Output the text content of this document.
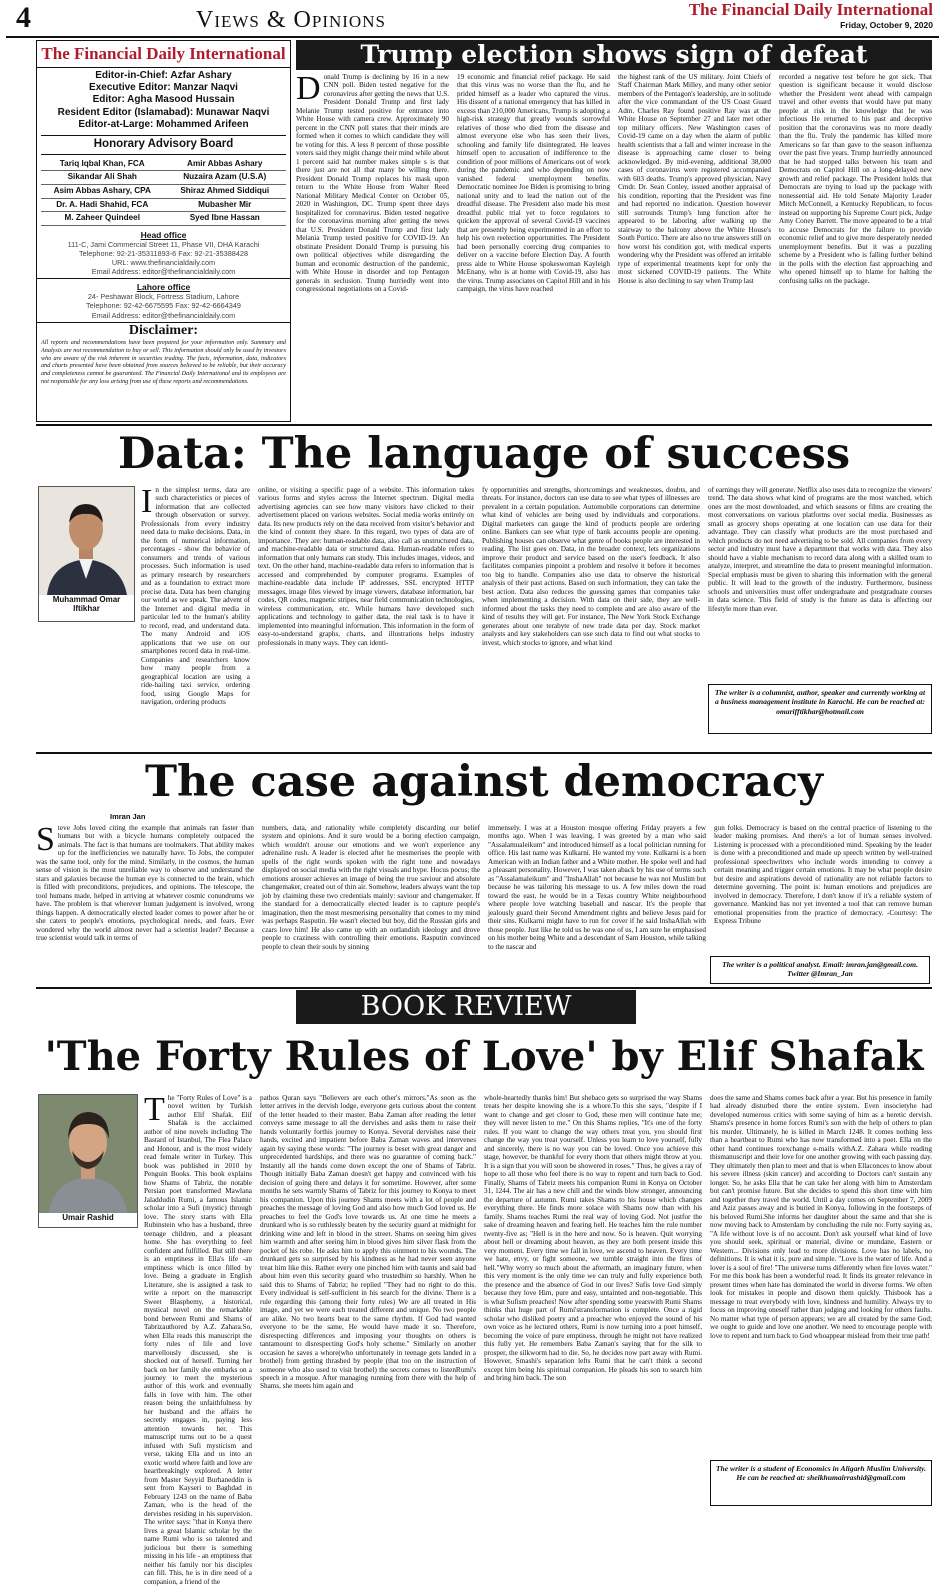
4	Views & Opinions	The Financial Daily International
Friday, October 9, 2020
The Financial Daily International
Editor-in-Chief: Azfar Ashary
Executive Editor: Manzar Naqvi
Editor: Agha Masood Hussain
Resident Editor (Islamabad): Munawar Naqvi
Editor-at-Large: Mohammed Arifeen
Honorary Advisory Board
Tariq Iqbal Khan, FCA	Amir Abbas Ashary
Sikandar Ali Shah	Nuzaira Azam (U.S.A)
Asim Abbas Ashary, CPA	Shiraz Ahmed Siddiqui
Dr. A. Hadi Shahid, FCA	Mubasher Mir
M. Zaheer Quindeel	Syed Ibne Hassan
Head office
111-C, Jami Commercial Street 11, Phase VII, DHA Karachi
Telephone: 92-21-35311893-6 Fax: 92-21-35388428
URL: www.thefinancialdaily.com
Email Address: editor@thefinancialdaily.com
Lahore office
24- Peshawar Block, Fortress Stadium, Lahore
Telephone: 92-42-6675595 Fax: 92-42-6664349
Email Address: editor@thefinancialdaily.com
Disclaimer:
All reports and recommendations have been prepared for your information only. Summary and Analysis are not recommendation to buy or sell. This information should only be used by investors who are aware of the risk inherent in securities trading. The facts, information, data, indicators and charts presented have been obtained from sources believed to be reliable, but their accuracy and completeness cannot be guaranteed. The Financial Daily International and its employees are not responsible for any loss arising from use of these reports and recommendations.
Trump election shows sign of defeat
Donald Trump is declining by 16 in a new CNN poll. Biden tested negative for the coronavirus after getting the news that U.S. President Donald Trump and first lady Melanie Trump tested positive for entrance into White House with camera crew. Approximately 90 percent in the CNN poll states that their minds are formed when it comes to which candidate they will be voting for this. A less 8 percent of those possible voters said they might change their mind while about 1 percent said hat number makes simple s is that there just are not all that many be willing there. President Donald Trump replaces his mask upon return to the White House from Walter Reed National Military Medical Center on October 05, 2020 in Washington, DC. Trump spent three days hospitalized for coronavirus. Biden tested negative for the coronavirus morning after getting the news that U.S. President Donald Trump and first lady Melania Trump tested positive for COVID-19. An obstinate President Donald Trump is pursuing his own political objectives while disregarding the human and economic destruction of the pandemic, with White House in disorder and top Pentagon generals in seclusion. Trump hurriedly went into congressional negotiations on a Covid-
19 economic and financial relief package. He said that this virus was no worse than the flu, and he prided himself as a leader who captured the virus. His dissent of a national emergency that has killed in excess than 210,000 Americans, Trump is adopting a high-risk strategy that greatly wounds sorrowful relatives of those who died from the disease and almost everyone else who has seen their lives, schooling and family life disintegrated. He leaves himself open to accusation of indifference to the condition of poor millions of Americans out of work during the pandemic and who depending on now vanished federal unemployment benefits. Democratic nominee Joe Biden is promising to bring national unity and to lead the nation out of the dreadful disease. The President also made his most dreadful public trial yet to force regulators to quicken the approval of several Covid-19 vaccines that are presently being experimented in an effort to help his own reelection opportunities. The President had been personally coercing drug companies to deliver on a vaccine before Election Day. A fourth press aide to White House spokeswoman Kayleigh McEnany, who is at home with Covid-19, also has the virus. Trump associates on Capitol Hill and in his campaign, the virus have reached
the highest rank of the US military. Joint Chiefs of Staff Chairman Mark Milley, and many other senior members of the Pentagon's leadership, are in solitude after the vice commandant of the US Coast Guard Adm. Charles Ray found positive Ray was at the White House on September 27 and later met other top military officers. New Washington cases of Covid-19 came on a day when the alarm of public health scientists that a fall and winter increase in the disease is approaching came closer to being acknowledged. By mid-evening, additional 38,000 cases of coronavirus were registered accompanied with 603 deaths. Trump's approved physician, Navy Cmdr. Dr. Sean Conley, issued another appraisal of his condition, reporting that the President was fine and had reported no indication. Question however still surrounds Trump's lung function after he appeared to be laboring after walking up the stairway to the balcony above the White House's South Portico. There are also no true answers still on how worst his condition got, with medical experts wondering why the President was offered an irritable type of experimental treatments kept for only the most sickened COVID-19 patients. The White House is also declining to say when Trump last
recorded a negative test before he got sick. That question is significant because it would disclose whether the President went ahead with campaign travel and other events that would have put many people at risk in the knowledge that he was infectious He returned to his past and deceptive position that the coronavirus was no more deadly than the flu. Truly the pandemic has killed more Americans so far than gave to the season influenza over the past five years. Trump hurriedly announced that he had stopped talks between his team and Democrats on Capitol Hill on a long-delayed new growth and relief package. The President holds that Democrats are trying to load up the package with nonessential aid. He told Senate Majority Leader Mitch McConnell, a Kentucky Republican, to focus instead on supporting his Supreme Court pick, Judge Amy Coney Barrett. The move appeared to be a trial to accuse Democrats for the failure to provide economic relief and to give more desperately needed unemployment benefits. But it was a puzzling scheme by a President who is falling further behind in the polls with the election fast approaching and who opened himself up to blame for halting the confusing talks on the package.
Data: The language of success
Muhammad Omar Iftikhar
In the simplest terms, data are such characteristics or pieces of information that are collected through observation or survey. Professionals from every industry need data to make decisions. Data, in the form of numerical information, percentages - show the behavior of consumers and trends of various processes. Such information is used as primary research by researchers and as a foundation to extract more precise data. Data has been changing our world as we speak. The advent of the Internet and digital media in particular led to the human's ability to record, read, and understand data. The many Android and iOS applications that we use on our smartphones record data in real-time. Companies and researchers know how many people from a geographical location are using a ride-hailing taxi service, ordering food, using Google Maps for navigation, ordering products
online, or visiting a specific page of a website. This information takes various forms and styles across the Internet spectrum. Digital media advertising agencies can see how many visitors have clicked to their advertisement placed on various websites. Social media works entirely on data. Its new products rely on the data received from visitor's behavior and the kind of content they share. In this regard, two types of data are of importance. They are: human-readable data, also call as unstructured data, and machine-readable data or structured data. Human-readable refers to information that only humans can study. This includes images, videos, and text. On the other hand, machine-readable data refers to information that is accessed and comprehended by computer programs. Examples of machine-readable data include IP addresses, SSL encrypted HTTP messages, image files viewed by image viewers, database information, bar codes, QR codes, magnetic stripes, near field communication technologies, wireless communication, etc. While humans have developed such applications and technology to gather data, the real task is to have it implemented into meaningful information. This information in the form of easy-to-understand graphs, charts, and illustrations helps industry professionals in many ways. They can identi-
fy opportunities and strengths, shortcomings and weaknesses, doubts, and threats. For instance, doctors can use data to see what types of illnesses are prevalent in a certain population. Automobile corporations can determine what kind of vehicles are being used by individuals and corporations. Digital marketers can gauge the kind of products people are ordering online. Bankers can see what type of bank accounts people are opening. Publishing houses can observe what genre of books people are interested in reading. The list goes on. Data, in the broader context, lets organizations improve their product and service based on the user's feedback. It also facilitates companies pinpoint a problem and resolve it before it becomes too big to handle. Companies also use data to observe the historical analysis of their past actions. Based on such information, they can take the best action. Data also reduces the guessing games that companies take when implementing a decision. With data on their side, they are well-informed about the tasks they need to complete and are also aware of the kind of results they will get. For instance, The New York Stock Exchange generates about one terabyte of new trade data per day. Stock market analysts and key stakeholders can use such data to find out what stocks to invest, which stocks to ignore, and what kind
of earnings they will generate. Netflix also uses data to recognize the viewers' trend. The data shows what kind of programs are the most watched, which ones are the most downloaded, and which seasons or films are creating the most conversations on various platforms over social media. Businesses as small as grocery shops operating at one location can use data for their advantage. They can classify what products are the most purchased and which products do not need advertising to be sold. All companies from every sector and industry must have a department that works with data. They also should have a viable mechanism to record data along with a skilled team to analyze, interpret, and streamline the data to present meaningful information. Special emphasis must be given to sharing this information with the general public. It will lead to the growth of the industry. Furthermore, business schools and universities must offer undergraduate and postgraduate courses in data science. This field of study is the future as data is affecting our lifestyle more than ever.
The writer is a columnist, author, speaker and currently working at a business management institute in Karachi. He can be reached at: omarifftikhar@hotmail.com
The case against democracy
Imran Jan
Steve Jobs loved citing the example that animals ran faster than humans but with a bicycle humans completely outpaced the animals. The fact is that humans are toolmakers. That ability makes up for the inefficiencies we naturally have. To Jobs, the computer was the same tool, only for the mind. Similarly, in the cosmos, the human sense of vision is the most unreliable way to observe and understand the stars and galaxies because the human eye is connected to the brain, which is filled with preconditions, prejudices, and opinions. The telescope, the tool humans made, helped in arriving at whatever cosmic conundrums we have. The problem is that wherever human judgement is involved, wrong things happen. A democratically elected leader comes to power after he or she caters to people's emotions, psychological needs, and fears. Ever wondered why the world almost never had a scientist leader? Because a true scientist would talk in terms of
numbers, data, and rationality while completely discarding our belief system and opinions. And it sure would be a boring election campaign, which wouldn't arouse our emotions and we won't experience any adrenaline rush. A leader is elected after he mesmerises the people with spells of the right words spoken with the right tone and nowadays displayed on social media with the right visuals and hype. Hocus pocus; the emotions arouser achieves an image of being the true saviour and absolute changemaker, created out of thin air. Somehow, leaders always want the top job by claiming these two credentials mainly: saviour and changemaker. If the standard for a democratically elected leader is to capture people's imagination, then the most mesmerising personality that comes to my mind was perhaps Rasputin. He wasn't elected but boy, did the Russian girls and czars love him! He also came up with an outlandish ideology and drove people to craziness with controlling their emotions. Rasputin convinced people to clean their souls by sinning
immensely. I was at a Houston mosque offering Friday prayers a few months ago. When I was leaving, I was greeted by a man who said "Assalamualeikum" and introduced himself as a local politician running for office. His last name was Kulkarni. He wanted my vote. Kulkarni is a born American with an Indian father and a White mother. He spoke well and had a pleasant personality. However, I was taken aback by his use of terms such as "Assalamaleikum" and "InshaAllah" not because he was not Muslim but because he was tailoring his message to us. A few miles down the road toward the east, he would be in a Texas country White neighbourhood where people love watching baseball and nascar. It's the people that jealously guard their Second Amendment rights and believe Jesus paid for their sins. Kulkarni might have to run for cover if he said InshaAllah with those people. Just like he told us he was one of us, I am sure he emphasised on his mother being White and a descendant of Sam Houston, while talking to the nascar and
gun folks. Democracy is based on the central practice of listening to the leader making promises. And there's a lot of human senses involved. Listening is processed with a preconditioned mind. Speaking by the leader is done with a preconditioned and made up speech written by well-trained professional speechwriters who include words intending to convey a certain meaning and trigger certain emotions. It may be what people desire but desire and aspirations devoid of rationality are not reliable factors to determine governing. The point is: human emotions and prejudices are involved in democracy. Therefore, I don't know if it's a reliable system of governance. Mankind has not yet invented a tool that can remove human emotional propensities from the practice of democracy. -Courtesy: The Express Tribune
The writer is a political analyst. Email: imran.jan@gmail.com. Twitter @Imran_Jan
BOOK REVIEW
'The Forty Rules of Love' by Elif Shafak
Umair Rashid
The "Forty Rules of Love" is a novel written by Turkish author Elif Shafak. Elif Shafak is the acclaimed author of nine novels including The Bastard of Istanbul, The Flea Palace and Honour, and is the most widely read female writer in Turkey. This book was published in 2010 by Penguin Books. This book explains how Shams of Tabriz, the notable Persian poet transformed Mawlana Jaladdudin Rumi, a famous Islamic scholar into a Sufi (mystic) through love. The story starts with Ella Rubinstein who has a husband, three teenage children, and a pleasant home. She has everything to feel confident and fulfilled. But still there is an emptiness in Ella's life -an emptiness which is once filled by love. Being a graduate in English Literature, she is assigned a task to write a report on the manuscript Sweet Blasphemy, a historical, mystical novel on the remarkable bond between Rumi and Shams of Tabrizauthored by A.Z. Zahara.So, when Ella reads this manuscript the forty rules of life and love marvellously discussed, she is shocked out of herself. Turning her back on her family she embarks on a journey to meet the mysterious author of this work and eventually falls in love with him. The other reason being the unfaithfulness by her husband and the affairs he secretly engages in, paying less attention towards her. This manuscript turns out to be a quest infused with Sufi mysticism and verse, taking Ella and us into an exotic world where faith and love are heartbreakingly explored. A letter from Master Seyyid Burhaneddin is sent from Kayseri to Baghdad in February 1243 on the name of Baba Zaman, who is the head of the dervishes residing in his supervision. The writer says: "that in Konya there lives a great Islamic scholar by the name Rumi who is so talented and judicious but there is something missing in his life - an emptiness that neither his family nor his disciples can fill. This, he is in dire need of a companion, a friend of the
pathos Quran says "Believers are each other's mirrors."As soon as the letter arrives in the dervish lodge, everyone gets curious about the content of the letter headed to their master. Baba Zaman after reading the letter conveys same message to all the dervishes and asks them to raise their hands voluntarily forthis journey to Konya. Several dervishes raise their hands, excited and impatient before Baba Zaman waves and intervenes again by saying these words: "The journey is beset with great danger and unprecedented hardships, and there was no guarantee of coming back." Instantly all the hands come down except the one of Shams of Tabriz. Though initially Baba Zaman doesn't get happy and convinced with his decision of going there and delays it for sometime. However, after some months he sets warmly Shams of Tabriz for this journey to Konya to meet his companion. Upon this journey Shams meets with a lot of people and preaches the message of loving God and also how much God loved us. He preaches to feel the God's love towards us. At one time he meets a drunkard who is so ruthlessly beaten by the security guard at midnight for drinking wine and left in blood in the street. Shams on seeing him gives him warmth and after seeing him in blood gives him silver flask from the pocket of his robe. He asks him to apply this ointment to his wounds. The drunkard gets so surprised by his kindness as he had never seen anyone treat him like this. Rather every one pinched him with taunts and said bad about him even this security guard who trustedhim so harshly. When he said this to Shams of Tabriz; he replied "They had no right to do this. Every individual is self-sufficient in his search for the divine. There is a rule regarding this (among their forty rules) We are all treated in His image, and yet we were each treated different and unique. No two people are alike. No two hearts beat to the same rhythm. If God had wanted everyone to be the same, He would have made it so. Therefore, disrespecting differences and imposing your thoughts on others is tantamount to disrespecting God's holy scheme." Similarly on another occasion he saves a whore(who unfortunately in teenage gets landed in a brothel) from getting thrashed by people (that too on the instruction of someone who also used to visit brothel) the secrets comes to listenRumi's speech in a mosque. After managing running from there with the help of Shams, she meets him again and
whole-heartedly thanks him! But shebaco gets so surprised the way Shams treats her despite knowing she is a whore.To this she says, "despite if I want to change and get closer to God, these men will continue hate me; they will never listen to me." On this Shams replies, "It's one of the forty rules. If you want to change the way others treat you, you should first change the way you treat yourself. Unless you learn to love yourself, fully and sincerely, there is no way you can be loved. Once you achieve this stage, however, be thankful for every thorn that others might throw at you. It is a sign that you will soon be showered in roses." Thus, he gives a ray of hope to all those who feel there is no way to repent and turn back to God. Finally, Shams of Tabriz meets his companion Rumi in Konya on October 31, 1244. The air has a new chill and the winds blow stronger, announcing the departure of autumn. Rumi takes Shams to his house which changes everything there. He finds more solace with Shams now than with his family. Shams teaches Rumi the real way of loving God. Not justfor the sake of dreaming heaven and fearing hell. He teaches him the rule number twenty-five as; "Hell is in the here and now. So is heaven. Quit worrying about hell or dreaming about heaven, as they are both present inside this very moment. Every time we fall in love, we ascend to heaven. Every time we hate, envy, or fight someone, we tumble straight into the fires of hell."Why worry so much about the aftermath, an imaginary future, when this very moment is the only time we can truly and fully experience both the presence and the absence of God in our lives? Sufis love God simply because they love Him, pure and easy, untainted and non-negotiable. This is what Sufism preaches! Now after spending some yearswith Rumi Shams thinks that huge part of Rumi'stransformation is complete. Once a rigid scholar who disliked poetry and a preacher who enjoyed the sound of his own voice as he lectured others, Rumi is now turning into a poet himself, becoming the voice of pure emptiness, through he might not have realized this fully yet. He remembers Baba Zaman's saying that for the silk to prosper, the silkworm had to die. So, he decides now part away with Rumi. However, Smashi's separation lefts Rumi that he can't think a second except him being his spiritual companion. He pleads his son to search him and bring him back. The son
does the same and Shams comes back after a year. But his presence in family had already disturbed there the entire system. Even insocietyhe had developed numerous critics with some saying of him as a heretic dervish. Shams's presence in home forces Rumi's son with the help of others to plan his murder. Ultimately, he is killed in March 1248. It comes nothing less than a heartbeat to Rumi who has now transformed into a poet. Ella on the other hand continues toexchange e-mails withA.Z. Zahara while reading thismanuscript and their love for one another growing with each passing day. They ultimately then plan to meet and that is when Ellaconces to know about his severe illness (skin cancer) and according to Doctors can't sustain any longer. So, he asks Ella that he can take her along with him to Amsterdam but can't promise future. But she decides to spend this short time with him and together they travel the world. Until a day comes on September 7, 2009 and Aziz passes away and is buried in Konya, following in the footsteps of his beloved Rumi.She informs her daughter about the same and that she is now moving back to Amsterdam by concluding the rule no: Forty saying as, "A life without love is of no account. Don't ask yourself what kind of love you should seek, spiritual or material, divine or mundane, Eastern or Western... Divisions only lead to more divisions. Love has no labels, no definitions. It is what it is, pure and simple. "Love is the water of life. And a lover is a soul of fire! "The universe turns differently when fire loves water." For me this book has been a wonderful read. It finds its greater relevance in present times when hate has dominated the world in diverse forms. We often look for mistakes in people and disown them quickly. Thisbook has a message to treat everybody with love, kindness and humility. Always try to focus on improving oneself rather than judging and looking for others faults. No matter what type of person appears; we are all created by the same God; we ought to guide and love one another. We need to encourage people with love to repent and turn back to God whoappear mislead from their true path!
The writer is a student of Economics in Aligarh Muslim University. He can be reached at: sheikhumairrashid@gmail.com
